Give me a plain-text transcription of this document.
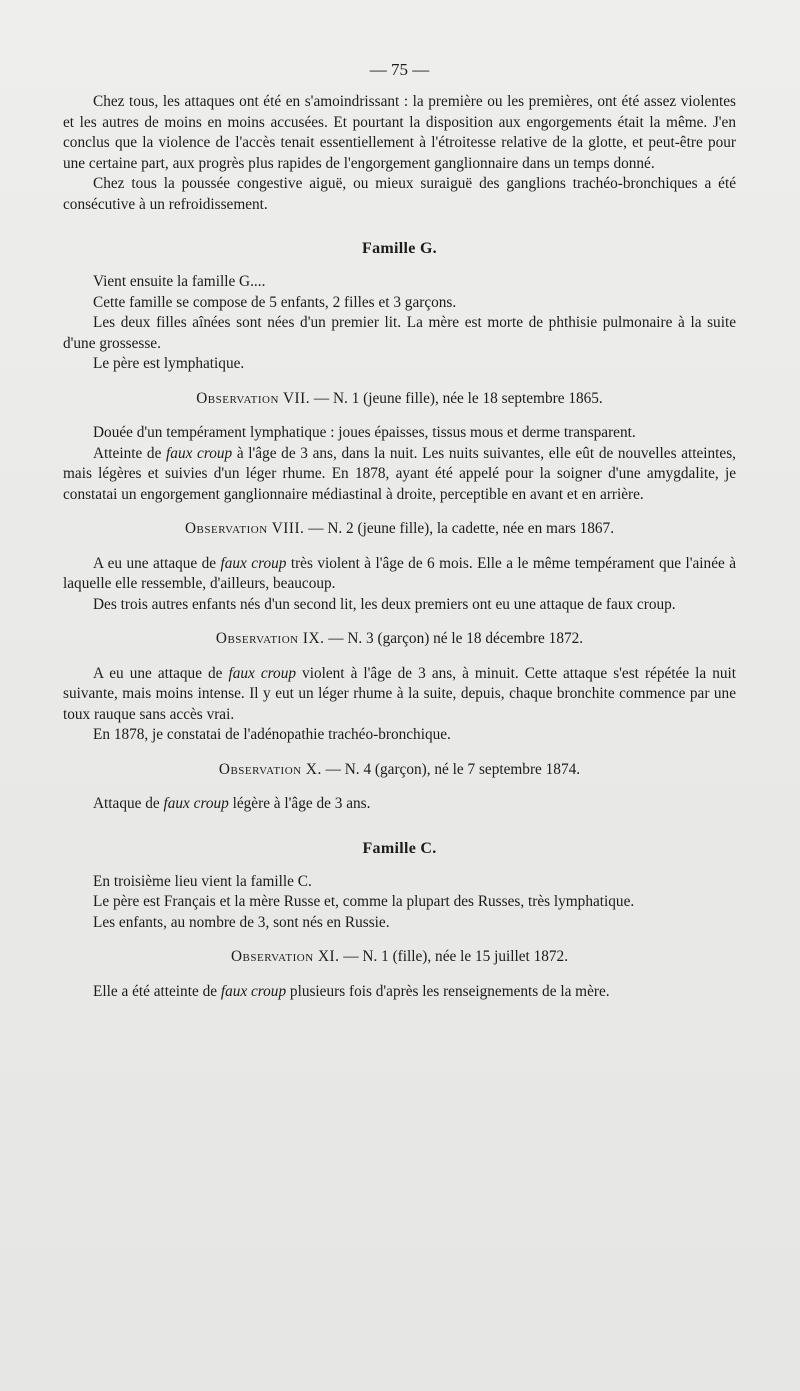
— 75 —

Chez tous, les attaques ont été en s'amoindrissant : la première ou les premières, ont été assez violentes et les autres de moins en moins accusées. Et pourtant la disposition aux engorgements était la même. J'en conclus que la violence de l'accès tenait essentiellement à l'étroitesse relative de la glotte, et peut-être pour une certaine part, aux progrès plus rapides de l'engorgement ganglionnaire dans un temps donné.

Chez tous la poussée congestive aiguë, ou mieux suraiguë des ganglions trachéo-bronchiques a été consécutive à un refroidissement.

Famille G.

Vient ensuite la famille G....

Cette famille se compose de 5 enfants, 2 filles et 3 garçons.

Les deux filles aînées sont nées d'un premier lit. La mère est morte de phthisie pulmonaire à la suite d'une grossesse.

Le père est lymphatique.

Observation VII. — N. 1 (jeune fille), née le 18 septembre 1865.

Douée d'un tempérament lymphatique : joues épaisses, tissus mous et derme transparent.

Atteinte de faux croup à l'âge de 3 ans, dans la nuit. Les nuits suivantes, elle eût de nouvelles atteintes, mais légères et suivies d'un léger rhume. En 1878, ayant été appelé pour la soigner d'une amygdalite, je constatai un engorgement ganglionnaire médiastinal à droite, perceptible en avant et en arrière.

Observation VIII. — N. 2 (jeune fille), la cadette, née en mars 1867.

A eu une attaque de faux croup très violent à l'âge de 6 mois. Elle a le même tempérament que l'ainée à laquelle elle ressemble, d'ailleurs, beaucoup.

Des trois autres enfants nés d'un second lit, les deux premiers ont eu une attaque de faux croup.

Observation IX. — N. 3 (garçon) né le 18 décembre 1872.

A eu une attaque de faux croup violent à l'âge de 3 ans, à minuit. Cette attaque s'est répétée la nuit suivante, mais moins intense. Il y eut un léger rhume à la suite, depuis, chaque bronchite commence par une toux rauque sans accès vrai.

En 1878, je constatai de l'adénopathie trachéo-bronchique.

Observation X. — N. 4 (garçon), né le 7 septembre 1874.

Attaque de faux croup légère à l'âge de 3 ans.

Famille C.

En troisième lieu vient la famille C.

Le père est Français et la mère Russe et, comme la plupart des Russes, très lymphatique.

Les enfants, au nombre de 3, sont nés en Russie.

Observation XI. — N. 1 (fille), née le 15 juillet 1872.

Elle a été atteinte de faux croup plusieurs fois d'après les renseignements de la mère.
